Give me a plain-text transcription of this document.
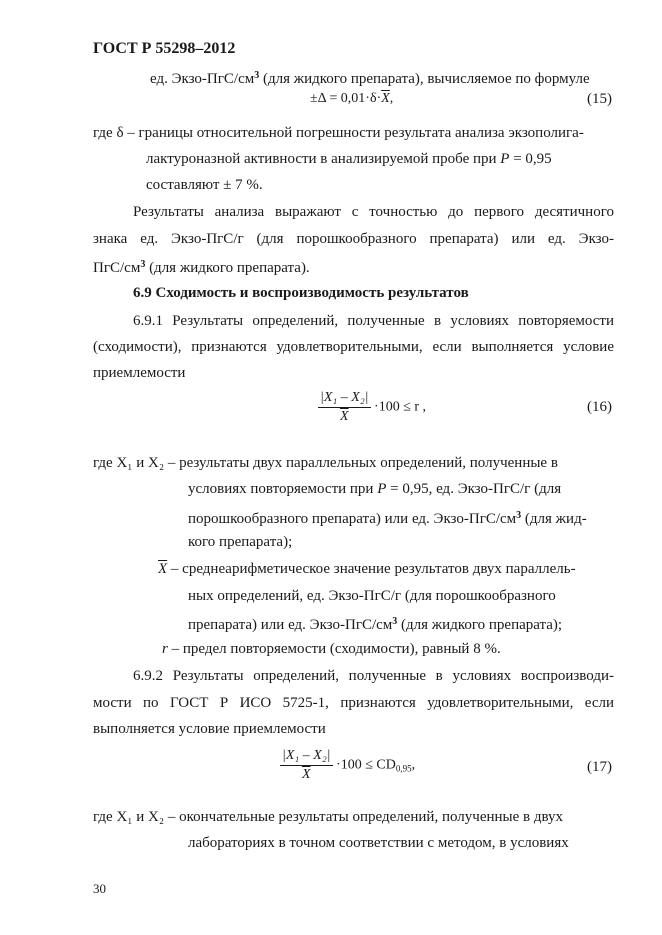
ГОСТ Р 55298–2012
ед. Экзо-$ПгС/см^3$ (для жидкого препарата), вычисляемое по формуле
$\pm\Delta = 0,01\cdot\delta\cdot\overline{X}$,	(15)
где δ – границы относительной погрешности результата анализа экзополига-
лактуроназной активности в анализируемой пробе при P = 0,95
составляют ± 7 %.
Результаты анализа выражают с точностью до первого десятичного
знака ед. Экзо-ПгС/г (для порошкообразного препарата) или ед. Экзо-
ПгС/$см^3$ (для жидкого препарата).
6.9 Сходимость и воспроизводимость результатов
6.9.1 Результаты определений, полученные в условиях повторяемости
(сходимости), признаются удовлетворительными, если выполняется условие
приемлемости
$\frac{\text{|X₁ – X₂|}}{X} \cdot 100 \le r$ ,	(16)
где X₁ и X₂ – результаты двух параллельных определений, полученные в
условиях повторяемости при P = 0,95, ед. Экзо-ПгС/г (для
порошкообразного препарата) или ед. Экзо-$ПгС/см^3$ (для жид-
кого препарата);
$\overline{X}$ – среднеарифметическое значение результатов двух параллель-
ных определений, ед. Экзо-ПгС/г (для порошкообразного
препарата) или ед. Экзо-$ПгС/см^3$ (для жидкого препарата);
r – предел повторяемости (сходимости), равный 8 %.
6.9.2 Результаты определений, полученные в условиях воспроизводи-
мости по ГОСТ Р ИСО 5725-1, признаются удовлетворительными, если
выполняется условие приемлемости
$\frac{\text{|X₁ – X₂|}}{X} \cdot 100 \le CD_{0,95}$,	(17)
где X₁ и X₂ – окончательные результаты определений, полученные в двух
лабораториях в точном соответствии с методом, в условиях
30
